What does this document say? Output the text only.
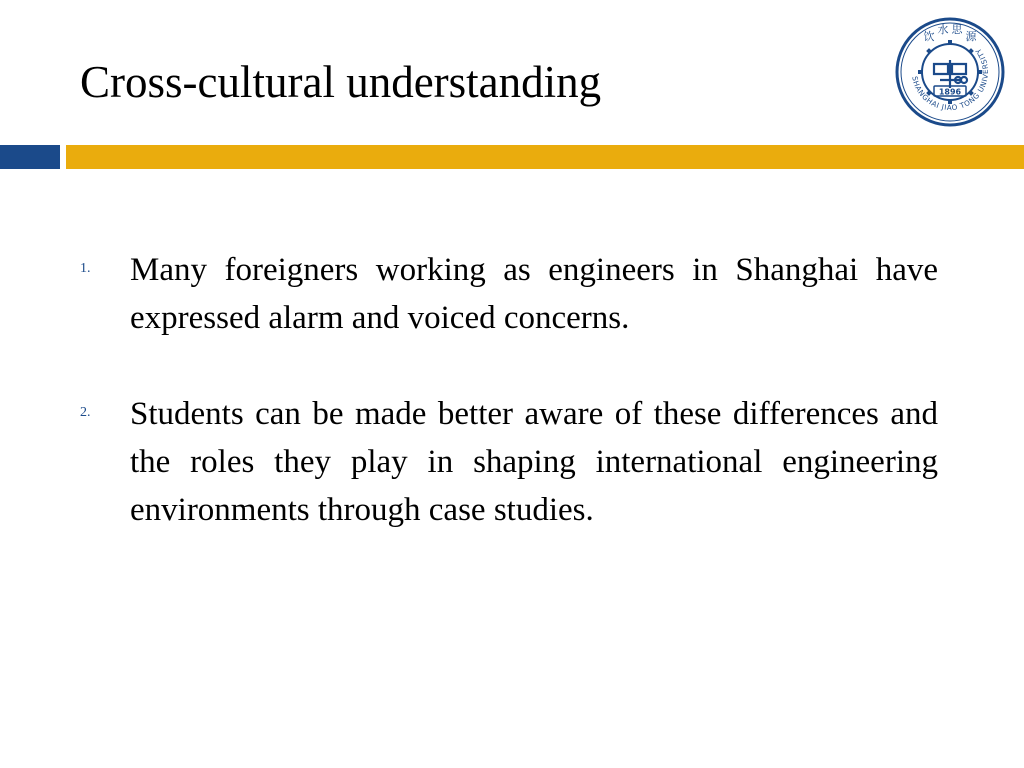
Cross-cultural understanding	1896
饮
水 思
源
SHANGHAI JIAO TONG UNIVERSITY
1. Many foreigners working as engineers in Shanghai have expressed alarm and voiced concerns.
2. Students can be made better aware of these differences and the roles they play in shaping international engineering environments through case studies.
